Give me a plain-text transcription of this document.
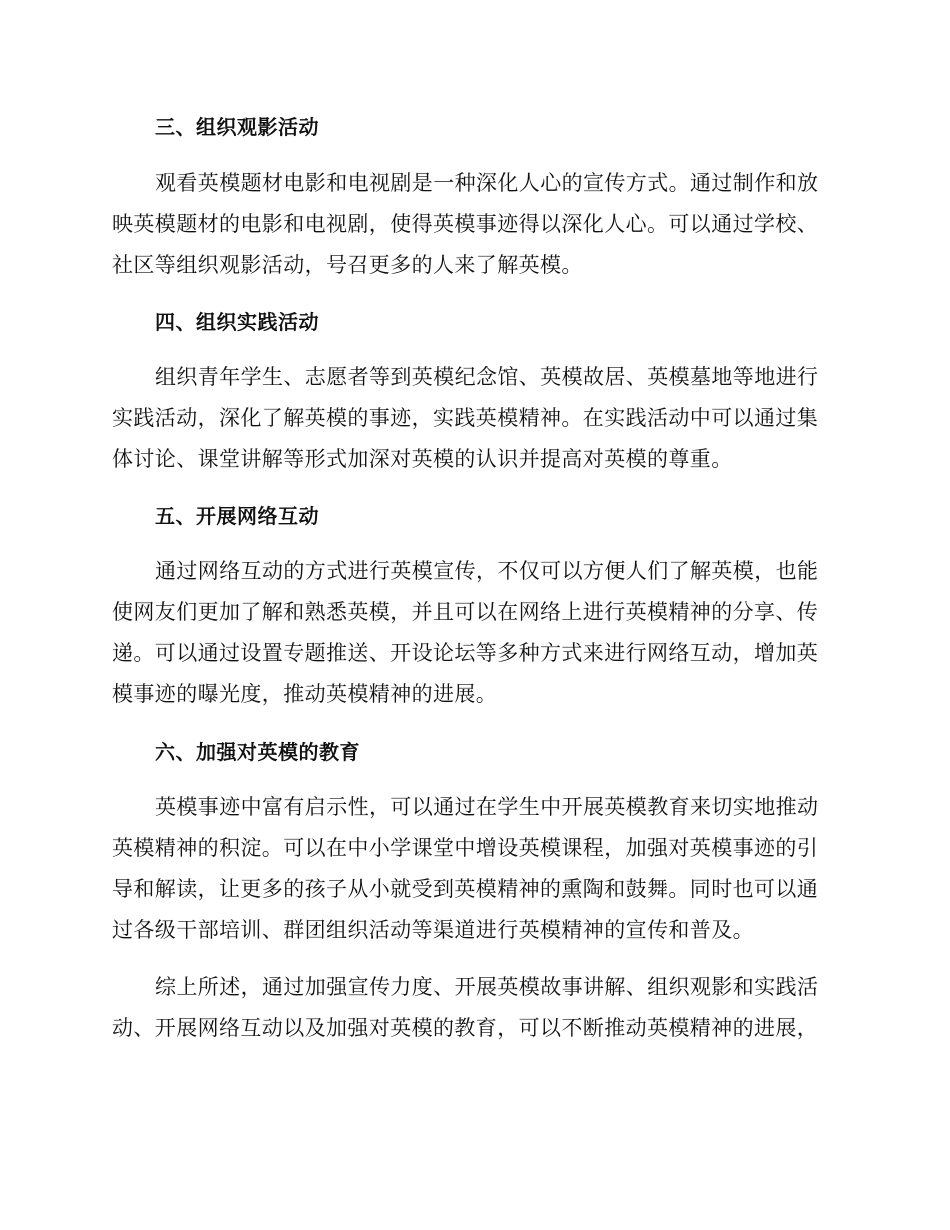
三、组织观影活动
观看英模题材电影和电视剧是一种深化人心的宣传方式。通过制作和放
映英模题材的电影和电视剧，使得英模事迹得以深化人心。可以通过学校、
社区等组织观影活动，号召更多的人来了解英模。
四、组织实践活动
组织青年学生、志愿者等到英模纪念馆、英模故居、英模墓地等地进行
实践活动，深化了解英模的事迹，实践英模精神。在实践活动中可以通过集
体讨论、课堂讲解等形式加深对英模的认识并提高对英模的尊重。
五、开展网络互动
通过网络互动的方式进行英模宣传，不仅可以方便人们了解英模，也能
使网友们更加了解和熟悉英模，并且可以在网络上进行英模精神的分享、传
递。可以通过设置专题推送、开设论坛等多种方式来进行网络互动，增加英
模事迹的曝光度，推动英模精神的进展。
六、加强对英模的教育
英模事迹中富有启示性，可以通过在学生中开展英模教育来切实地推动
英模精神的积淀。可以在中小学课堂中增设英模课程，加强对英模事迹的引
导和解读，让更多的孩子从小就受到英模精神的熏陶和鼓舞。同时也可以通
过各级干部培训、群团组织活动等渠道进行英模精神的宣传和普及。
综上所述，通过加强宣传力度、开展英模故事讲解、组织观影和实践活
动、开展网络互动以及加强对英模的教育，可以不断推动英模精神的进展，
